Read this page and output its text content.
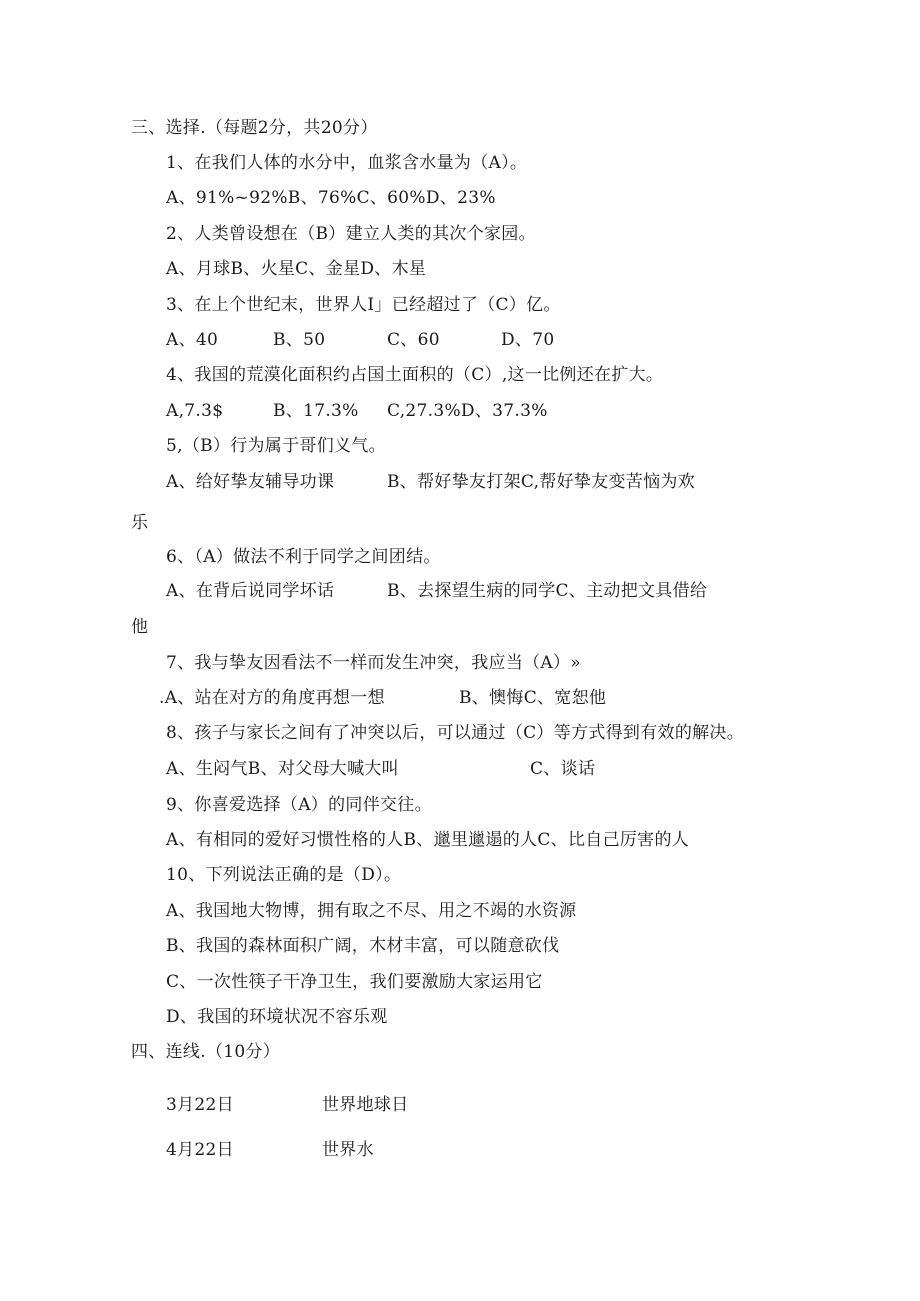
三、选择.（每题2分，共20分）
1、在我们人体的水分中，血浆含水量为（A）。
A、91%~92%B、76%C、60%D、23%
2、人类曾设想在（B）建立人类的其次个家园。
A、月球B、火星C、金星D、木星
3、在上个世纪末，世界人I」已经超过了（C）亿。
A、40	B、50	C、60	D、70
4、我国的荒漠化面积约占国土面积的（C）,这一比例还在扩大。
A,7.3$	B、17.3% C,27.3%D、37.3%
5,（B）行为属于哥们义气。
A、给好挚友辅导功课	B、帮好挚友打架C,帮好挚友变苦恼为欢
乐
6、（A）做法不利于同学之间团结。
A、在背后说同学坏话	B、去探望生病的同学C、主动把文具借给
他
7、我与挚友因看法不一样而发生冲突，我应当（A）»
.A、站在对方的角度再想一想	B、懊悔C、宽恕他
8、孩子与家长之间有了冲突以后，可以通过（C）等方式得到有效的解决。
A、生闷气B、对父母大喊大叫	C、谈话
9、你喜爱选择（A）的同伴交往。
A、有相同的爱好习惯性格的人B、邋里邋遢的人C、比自己厉害的人
10、下列说法正确的是（D）。
A、我国地大物博，拥有取之不尽、用之不竭的水资源
B、我国的森林面积广阔，木材丰富，可以随意砍伐
C、一次性筷子干净卫生，我们要激励大家运用它
D、我国的环境状况不容乐观
四、连线.（10分）
3月22日	世界地球日
4月22日	世界水
